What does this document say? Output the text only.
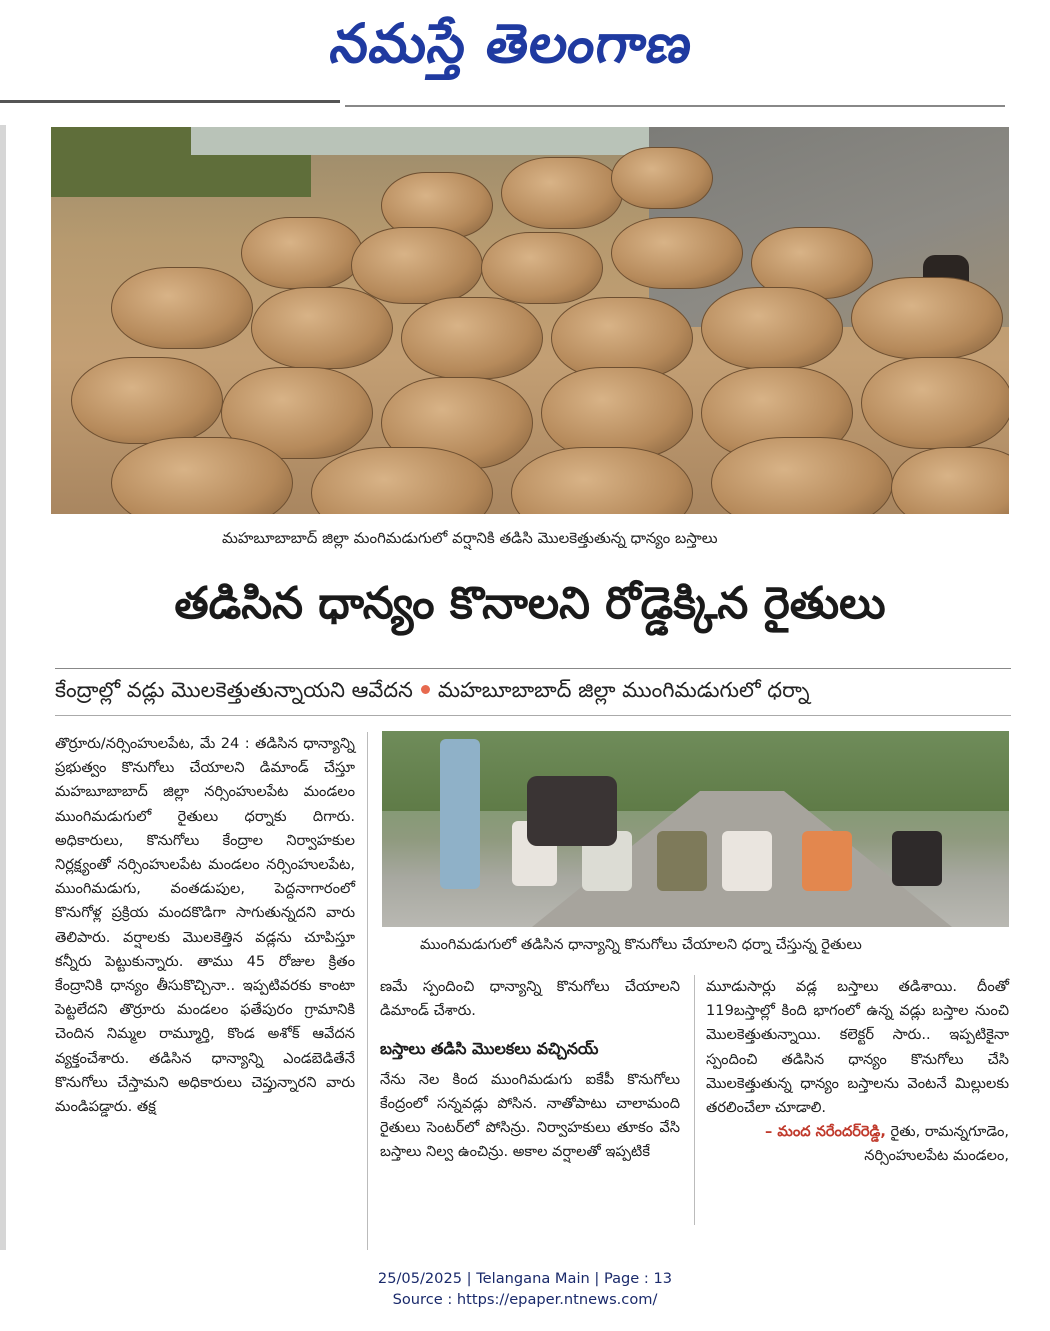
నమస్తే తెలంగాణ
మహబూబాబాద్ జిల్లా మంగిమడుగులో వర్షానికి తడిసి మొలకెత్తుతున్న ధాన్యం బస్తాలు
తడిసిన ధాన్యం కొనాలని రోడ్డెక్కిన రైతులు
కేంద్రాల్లో వడ్లు మొలకెత్తుతున్నాయని ఆవేదన మహబూబాబాద్ జిల్లా ముంగిమడుగులో ధర్నా

తొర్రూరు/నర్సింహులపేట, మే 24 : తడిసిన ధాన్యాన్ని ప్రభుత్వం కొనుగోలు చేయాలని డిమాండ్ చేస్తూ మహబూబాబాద్ జిల్లా నర్సింహులపేట మండలం ముంగిమడుగులో రైతులు ధర్నాకు దిగారు. అధికారులు, కొనుగోలు కేంద్రాల నిర్వాహకుల నిర్లక్ష్యంతో నర్సింహులపేట మండలం నర్సింహులపేట, ముంగిమడుగు, వంతడుపుల, పెద్దనాగారంలో కొనుగోళ్ల ప్రక్రియ మందకొడిగా సాగుతున్నదని వారు తెలిపారు. వర్షాలకు మొలకెత్తిన వడ్లను చూపిస్తూ కన్నీరు పెట్టుకున్నారు. తాము 45 రోజుల క్రితం కేంద్రానికి ధాన్యం తీసుకొచ్చినా.. ఇప్పటివరకు కాంటా పెట్టలేదని తొర్రూరు మండలం ఫతేపురం గ్రామానికి చెందిన నిమ్మల రామ్మూర్తి, కొండ అశోక్ ఆవేదన వ్యక్తంచేశారు. తడిసిన ధాన్యాన్ని ఎండబెడితేనే కొనుగోలు చేస్తామని అధికారులు చెప్తున్నారని వారు మండిపడ్డారు. తక్ష

ముంగిమడుగులో తడిసిన ధాన్యాన్ని కొనుగోలు చేయాలని ధర్నా చేస్తున్న రైతులు

ణమే స్పందించి ధాన్యాన్ని కొనుగోలు చేయాలని డిమాండ్ చేశారు.

బస్తాలు తడిసి మొలకలు వచ్చినయ్

నేను నెల కింద ముంగిమడుగు ఐకేపీ కొనుగోలు కేంద్రంలో సన్నవడ్లు పోసిన. నాతోపాటు చాలామంది రైతులు సెంటర్‌లో పోసిన్రు. నిర్వాహకులు తూకం వేసి బస్తాలు నిల్వ ఉంచిన్రు. అకాల వర్షాలతో ఇప్పటికే

మూడుసార్లు వడ్ల బస్తాలు తడిశాయి. దీంతో 119బస్తాల్లో కింది భాగంలో ఉన్న వడ్లు బస్తాల నుంచి మొలకెత్తుతున్నాయి. కలెక్టర్ సారు.. ఇప్పటికైనా స్పందించి తడిసిన ధాన్యం కొనుగోలు చేసి మొలకెత్తుతున్న ధాన్యం బస్తాలను వెంటనే మిల్లులకు తరలించేలా చూడాలి.

– మంద నరేందర్‌రెడ్డి, రైతు, రామన్నగూడెం, నర్సింహులపేట మండలం,

25/05/2025 | Telangana Main | Page : 13
Source : https://epaper.ntnews.com/
